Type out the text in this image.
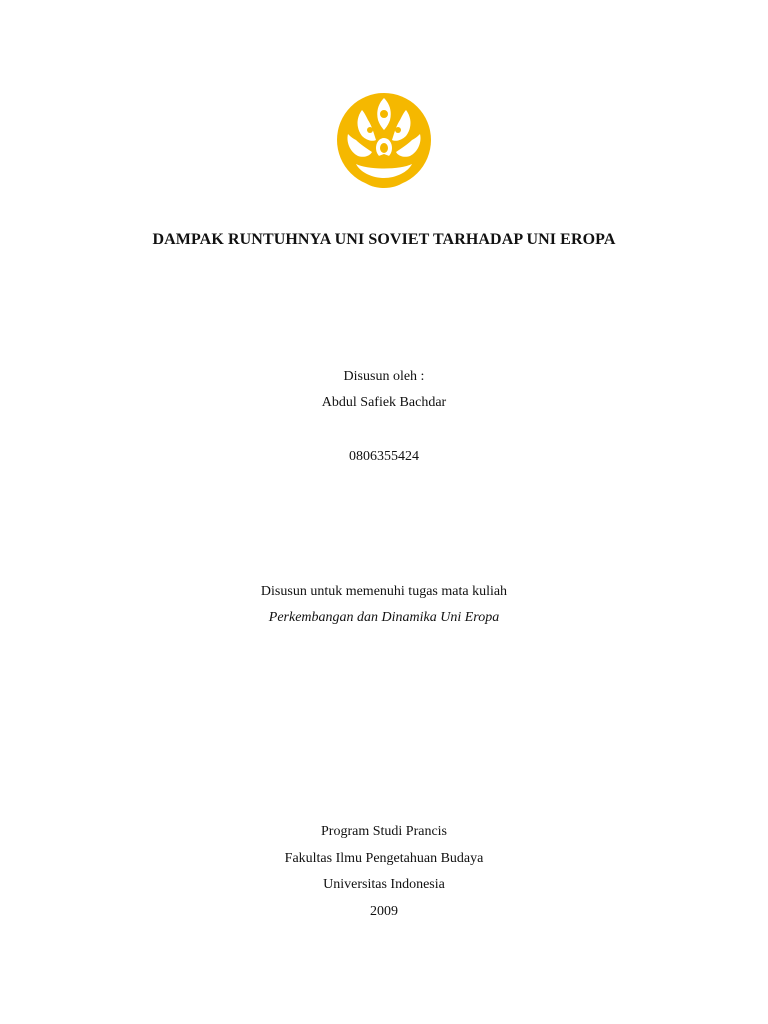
DAMPAK RUNTUHNYA UNI SOVIET TARHADAP UNI EROPA
Disusun oleh :
Abdul Safiek Bachdar
0806355424
Disusun untuk memenuhi tugas mata kuliah
Perkembangan dan Dinamika Uni Eropa
Program Studi Prancis
Fakultas Ilmu Pengetahuan Budaya
Universitas Indonesia
2009
